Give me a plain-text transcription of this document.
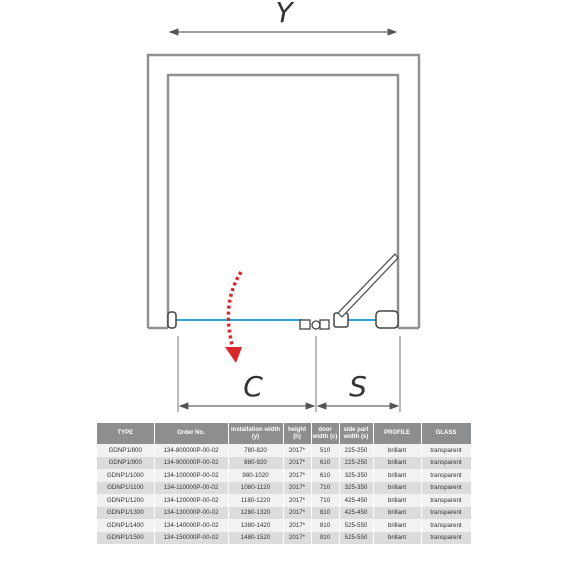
Y
C	S
TYPE	Order No.	installation width (y)	height (h)	door width (c)	side part width (s)	PROFILE	GLASS
GDNP1/800	134-800000P-00-02	780-820	2017*	510	225-250	brillant	transparent
GDNP1/900	134-900000P-00-02	880-920	2017*	610	225-250	brillant	transparent
GDNP1/1000	134-100000P-00-02	980-1020	2017*	610	325-350	brillant	transparent
GDNP1/1100	134-110000P-00-02	1080-1120	2017*	710	325-350	brillant	transparent
GDNP1/1200	134-120000P-00-02	1180-1220	2017*	710	425-450	brillant	transparent
GDNP1/1300	134-130000P-00-02	1280-1320	2017*	810	425-450	brillant	transparent
GDNP1/1400	134-140000P-00-02	1380-1420	2017*	810	525-550	brillant	transparent
GDNP1/1500	134-150000P-00-02	1480-1520	2017*	910	525-550	brillant	transparent
